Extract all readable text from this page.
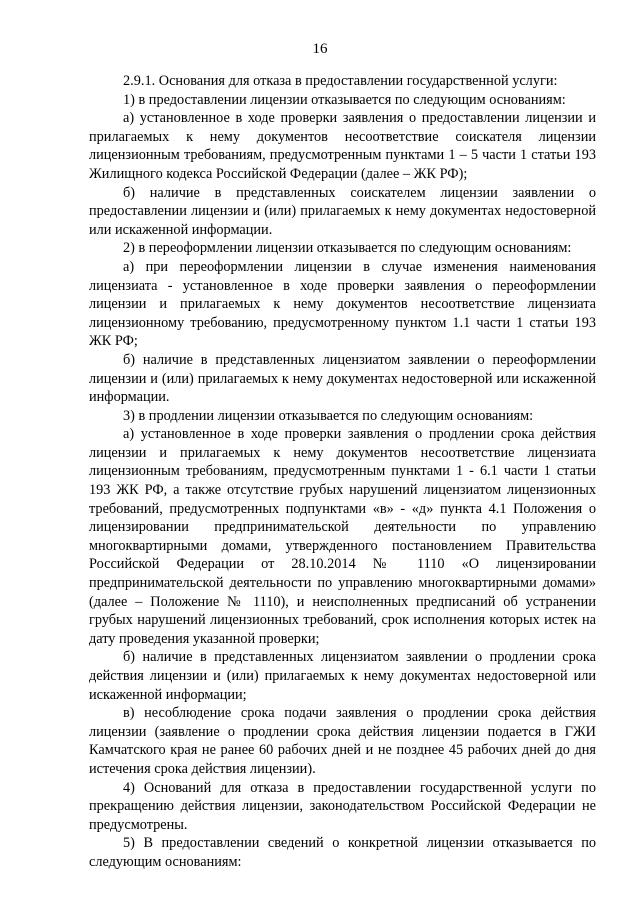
16

2.9.1. Основания для отказа в предоставлении государственной услуги:

1) в предоставлении лицензии отказывается по следующим основаниям:

а) установленное в ходе проверки заявления о предоставлении лицензии и прилагаемых к нему документов несоответствие соискателя лицензии лицензионным требованиям, предусмотренным пунктами 1 – 5 части 1 статьи 193 Жилищного кодекса Российской Федерации (далее – ЖК РФ);

б) наличие в представленных соискателем лицензии заявлении о предоставлении лицензии и (или) прилагаемых к нему документах недостоверной или искаженной информации.

2) в переоформлении лицензии отказывается по следующим основаниям:

а) при переоформлении лицензии в случае изменения наименования лицензиата - установленное в ходе проверки заявления о переоформлении лицензии и прилагаемых к нему документов несоответствие лицензиата лицензионному требованию, предусмотренному пунктом 1.1 части 1 статьи 193 ЖК РФ;

б) наличие в представленных лицензиатом заявлении о переоформлении лицензии и (или) прилагаемых к нему документах недостоверной или искаженной информации.

3) в продлении лицензии отказывается по следующим основаниям:

а) установленное в ходе проверки заявления о продлении срока действия лицензии и прилагаемых к нему документов несоответствие лицензиата лицензионным требованиям, предусмотренным пунктами 1 - 6.1 части 1 статьи 193 ЖК РФ, а также отсутствие грубых нарушений лицензиатом лицензионных требований, предусмотренных подпунктами «в» - «д» пункта 4.1 Положения о лицензировании предпринимательской деятельности по управлению многоквартирными домами, утвержденного постановлением Правительства Российской Федерации от 28.10.2014 № 1110 «О лицензировании предпринимательской деятельности по управлению многоквартирными домами» (далее – Положение № 1110), и неисполненных предписаний об устранении грубых нарушений лицензионных требований, срок исполнения которых истек на дату проведения указанной проверки;

б) наличие в представленных лицензиатом заявлении о продлении срока действия лицензии и (или) прилагаемых к нему документах недостоверной или искаженной информации;

в) несоблюдение срока подачи заявления о продлении срока действия лицензии (заявление о продлении срока действия лицензии подается в ГЖИ Камчатского края не ранее 60 рабочих дней и не позднее 45 рабочих дней до дня истечения срока действия лицензии).

4) Оснований для отказа в предоставлении государственной услуги по прекращению действия лицензии, законодательством Российской Федерации не предусмотрены.

5) В предоставлении сведений о конкретной лицензии отказывается по следующим основаниям:
